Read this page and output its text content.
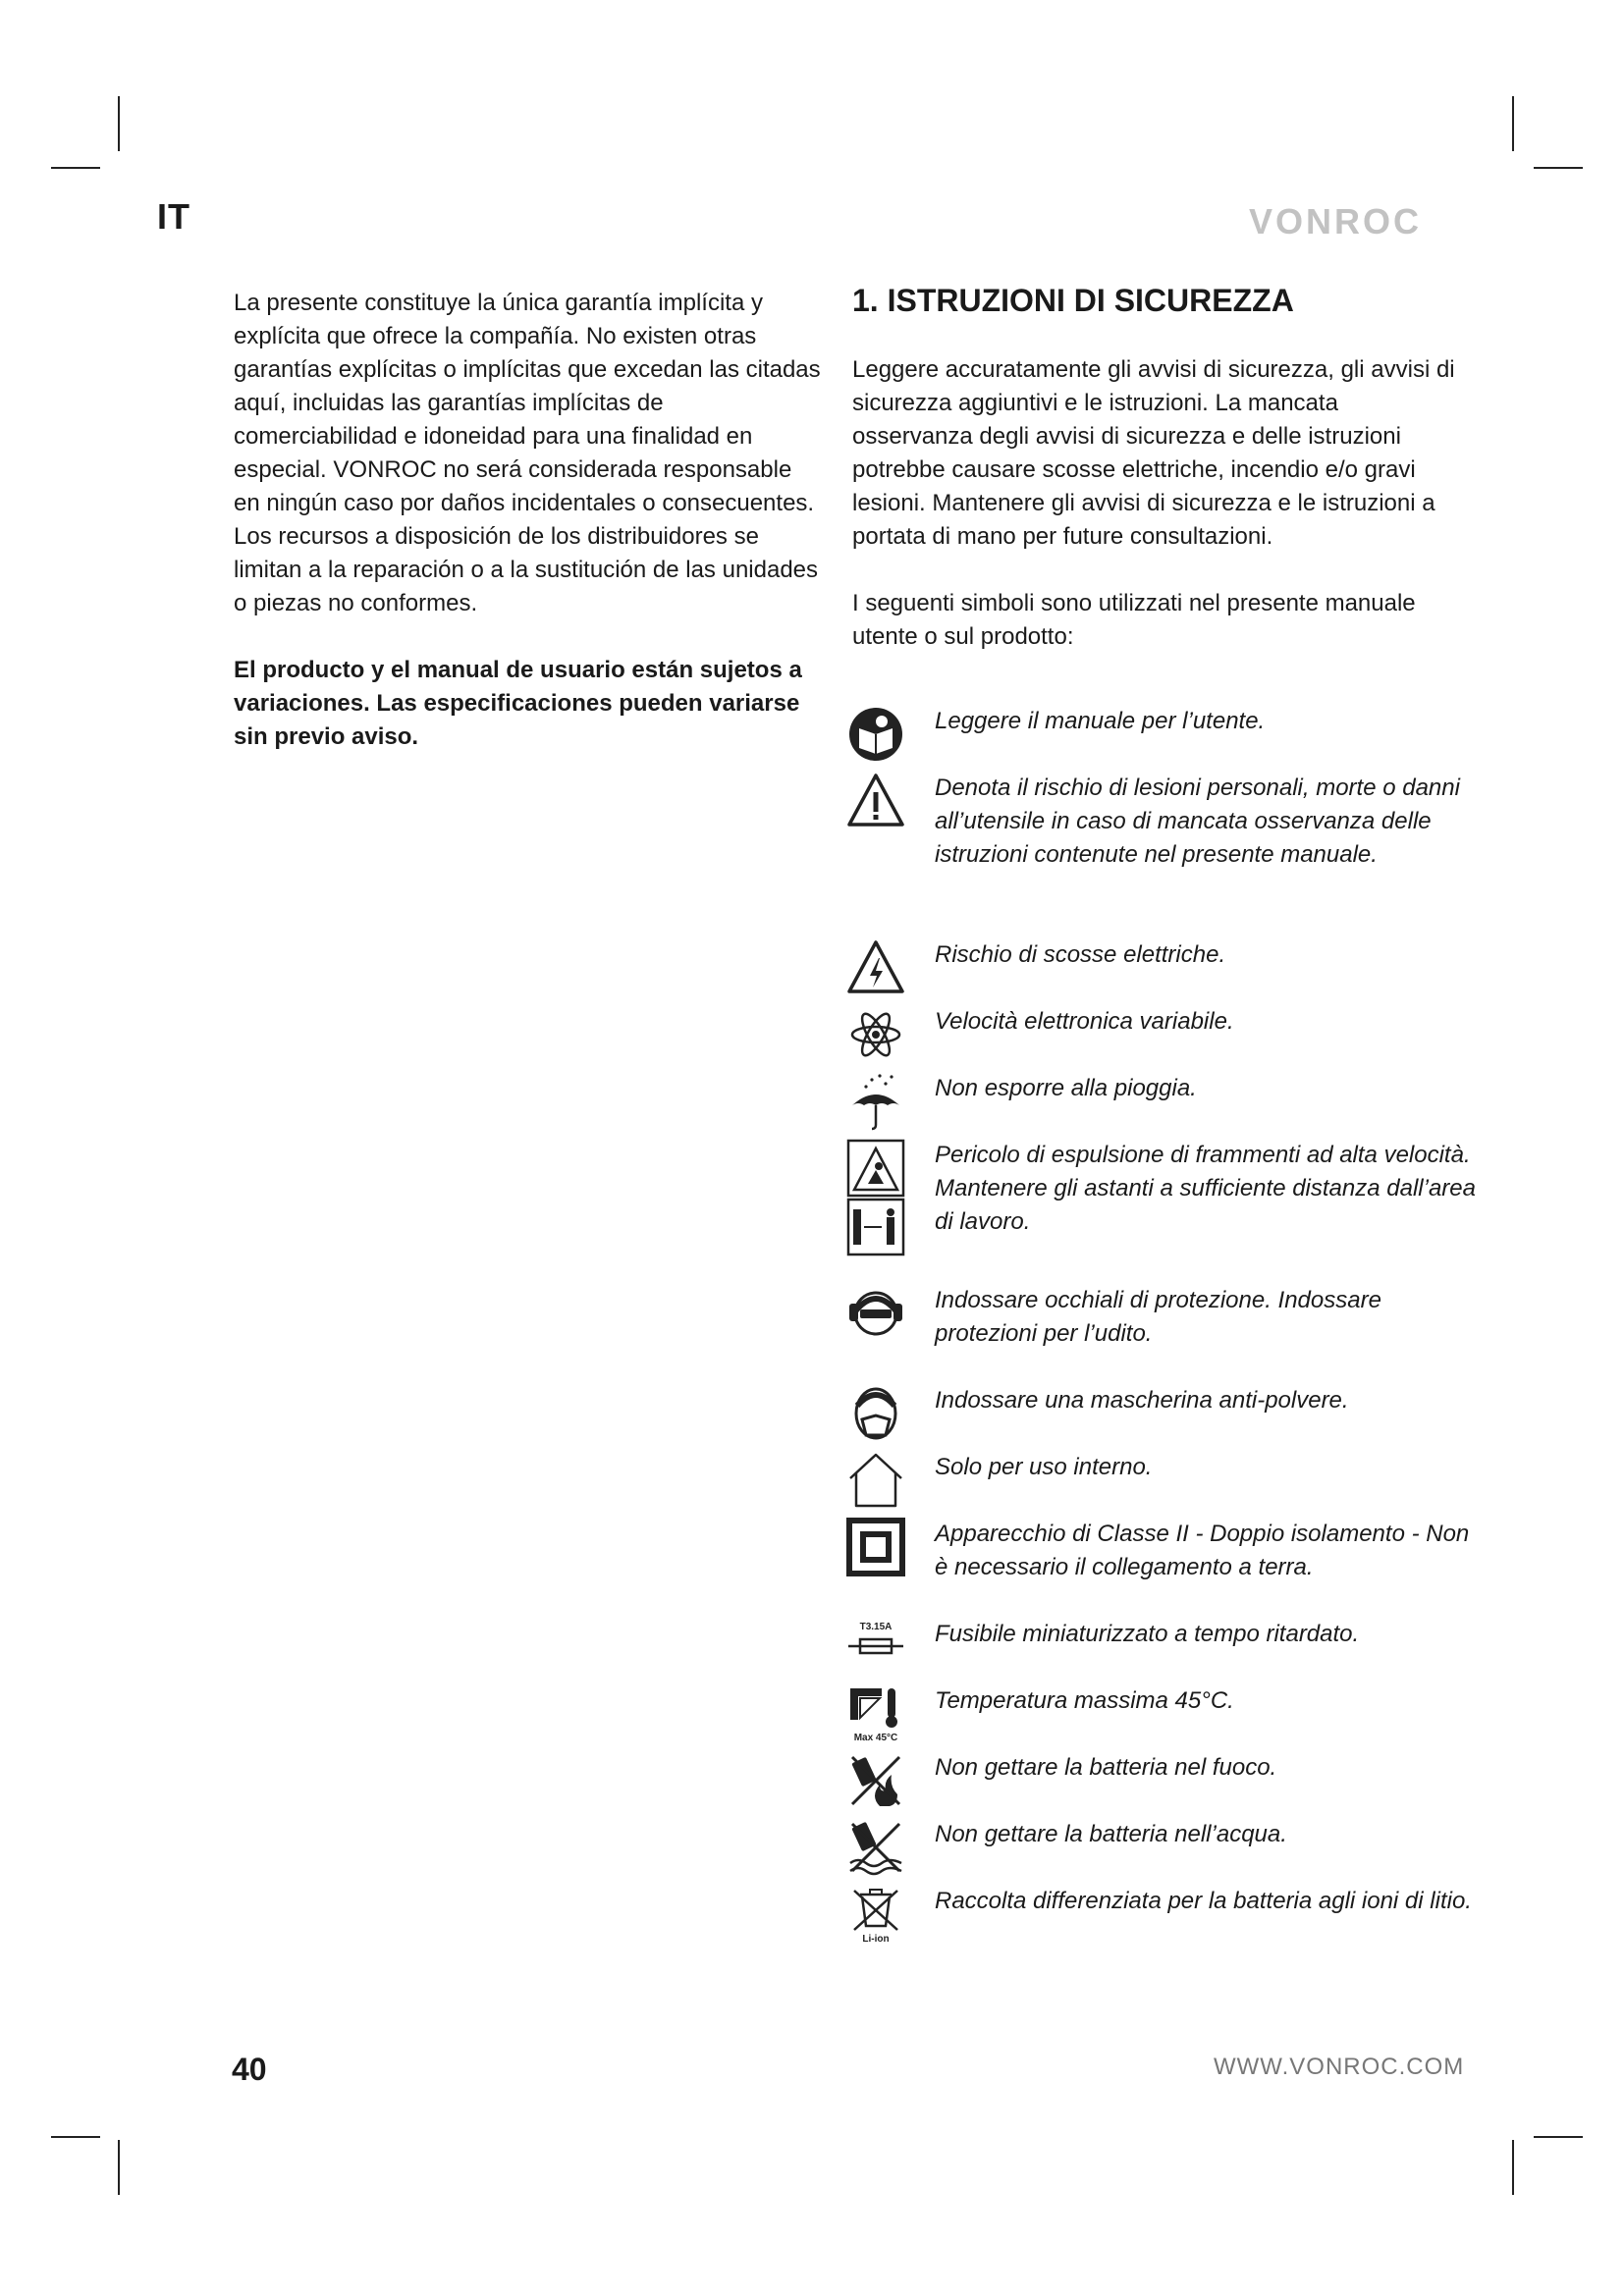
IT	VONROC

La presente constituye la única garantía implícita y explícita que ofrece la compañía. No existen otras garantías explícitas o implícitas que excedan las citadas aquí, incluidas las garantías implícitas de comerciabilidad e idoneidad para una finalidad en especial. VONROC no será considerada responsable en ningún caso por daños incidentales o consecuentes. Los recursos a disposición de los distribuidores se limitan a la reparación o a la sustitución de las unidades o piezas no conformes.

El producto y el manual de usuario están sujetos a variaciones. Las especificaciones pueden variarse sin previo aviso.

1. ISTRUZIONI DI SICUREZZA

Leggere accuratamente gli avvisi di sicurezza, gli avvisi di sicurezza aggiuntivi e le istruzioni. La mancata osservanza degli avvisi di sicurezza e delle istruzioni potrebbe causare scosse elettriche, incendio e/o gravi lesioni. Mantenere gli avvisi di sicurezza e le istruzioni a portata di mano per future consultazioni.

I seguenti simboli sono utilizzati nel presente manuale utente o sul prodotto:

Leggere il manuale per l’utente.
Denota il rischio di lesioni personali, morte o danni all’utensile in caso di mancata osservanza delle istruzioni contenute nel presente manuale.
Rischio di scosse elettriche.
Velocità elettronica variabile.
Non esporre alla pioggia.
Pericolo di espulsione di frammenti ad alta velocità. Mantenere gli astanti a sufficiente distanza dall’area di lavoro.
Indossare occhiali di protezione. Indossare protezioni per l’udito.
Indossare una mascherina anti-polvere.
Solo per uso interno.
Apparecchio di Classe II - Doppio isolamento - Non è necessario il collegamento a terra.
T3.15A Fusibile miniaturizzato a tempo ritardato.
Max 45°C
Temperatura massima 45°C.
Non gettare la batteria nel fuoco.
Non gettare la batteria nell’acqua.
Li-ion
Raccolta differenziata per la batteria agli ioni di litio.
40	WWW.VONROC.COM
